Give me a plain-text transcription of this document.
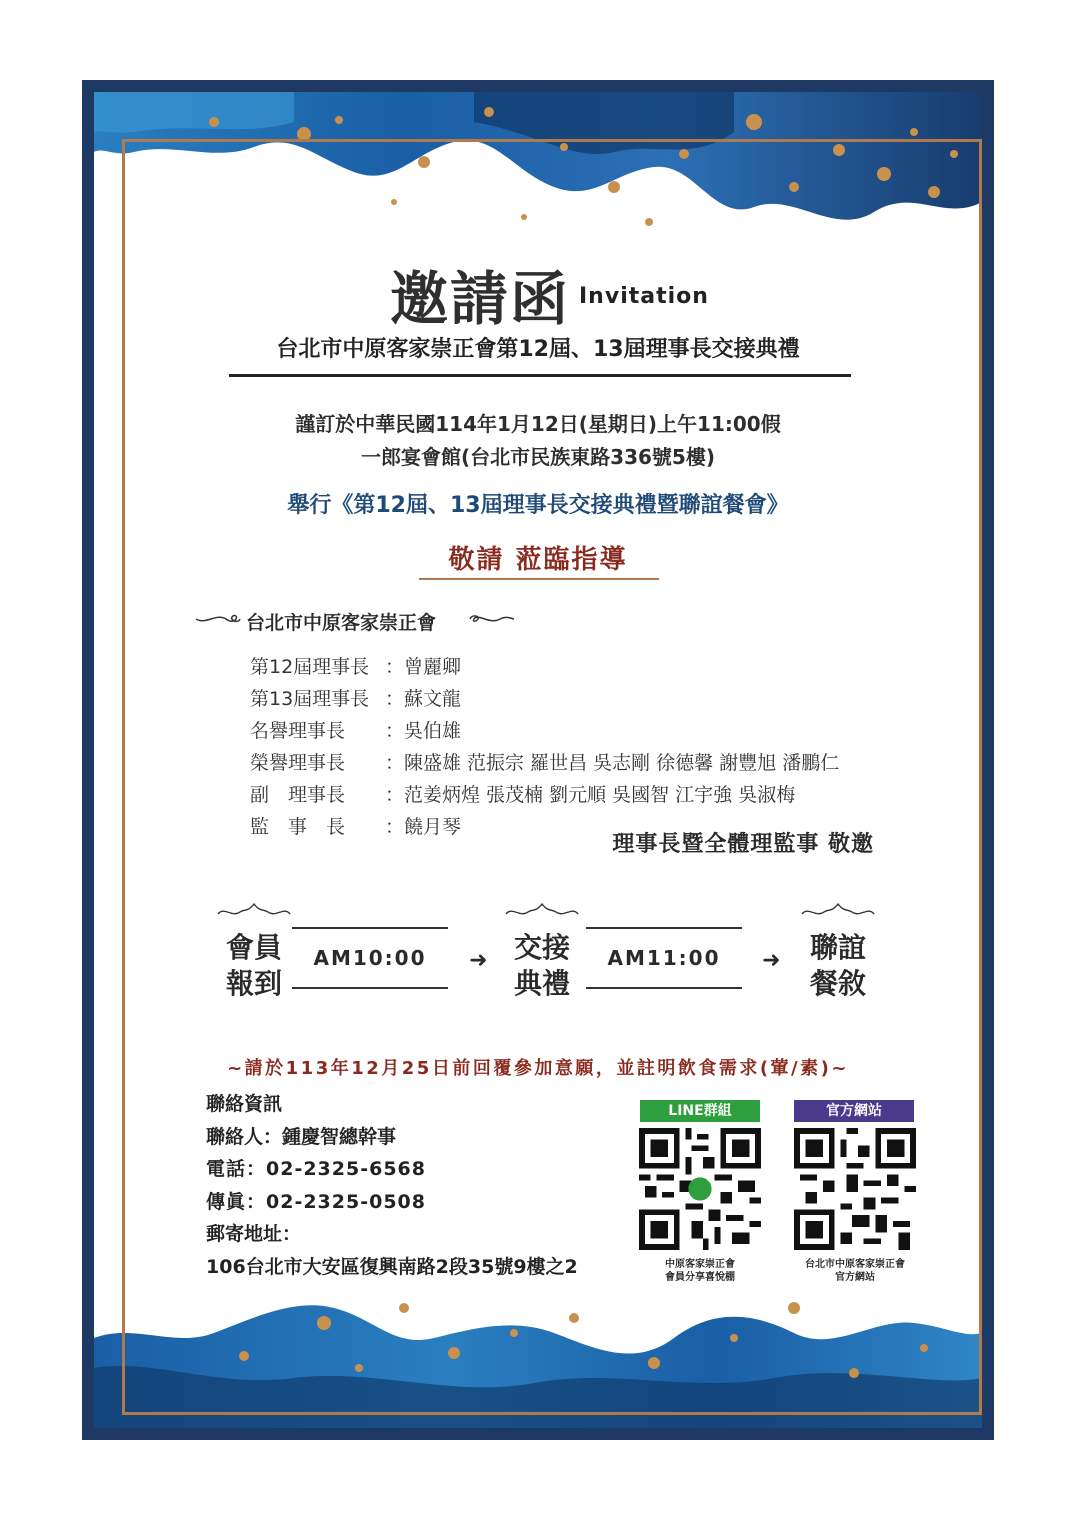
邀請函 Invitation
台北市中原客家崇正會第12屆、13屆理事長交接典禮
謹訂於中華民國114年1月12日(星期日)上午11:00假
一郎宴會館(台北市民族東路336號5樓)
舉行《第12屆、13屆理事長交接典禮暨聯誼餐會》
敬請 蒞臨指導
台北市中原客家崇正會
第12屆理事長 ：曾麗卿
第13屆理事長 ：蘇文龍
名譽理事長	：吳伯雄
榮譽理事長	：陳盛雄 范振宗 羅世昌 吳志剛 徐德馨 謝豐旭 潘鵬仁
副　理事長	：范姜炳煌 張茂楠 劉元順 吳國智 江宇強 吳淑梅
監　事　長	：饒月琴
理事長暨全體理監事 敬邀
會員
報到
AM10:00	➜ 交接
典禮
AM11:00	➜	聯誼
餐敘
~請於113年12月25日前回覆參加意願，並註明飲食需求(葷/素)~
聯絡資訊
聯絡人：鍾慶智總幹事
電話：02-2325-6568
傳眞：02-2325-0508
郵寄地址：
106台北市大安區復興南路2段35號9樓之2
LINE群組
中原客家崇正會
會員分享喜悅棚
官方網站
台北市中原客家崇正會
官方網站
